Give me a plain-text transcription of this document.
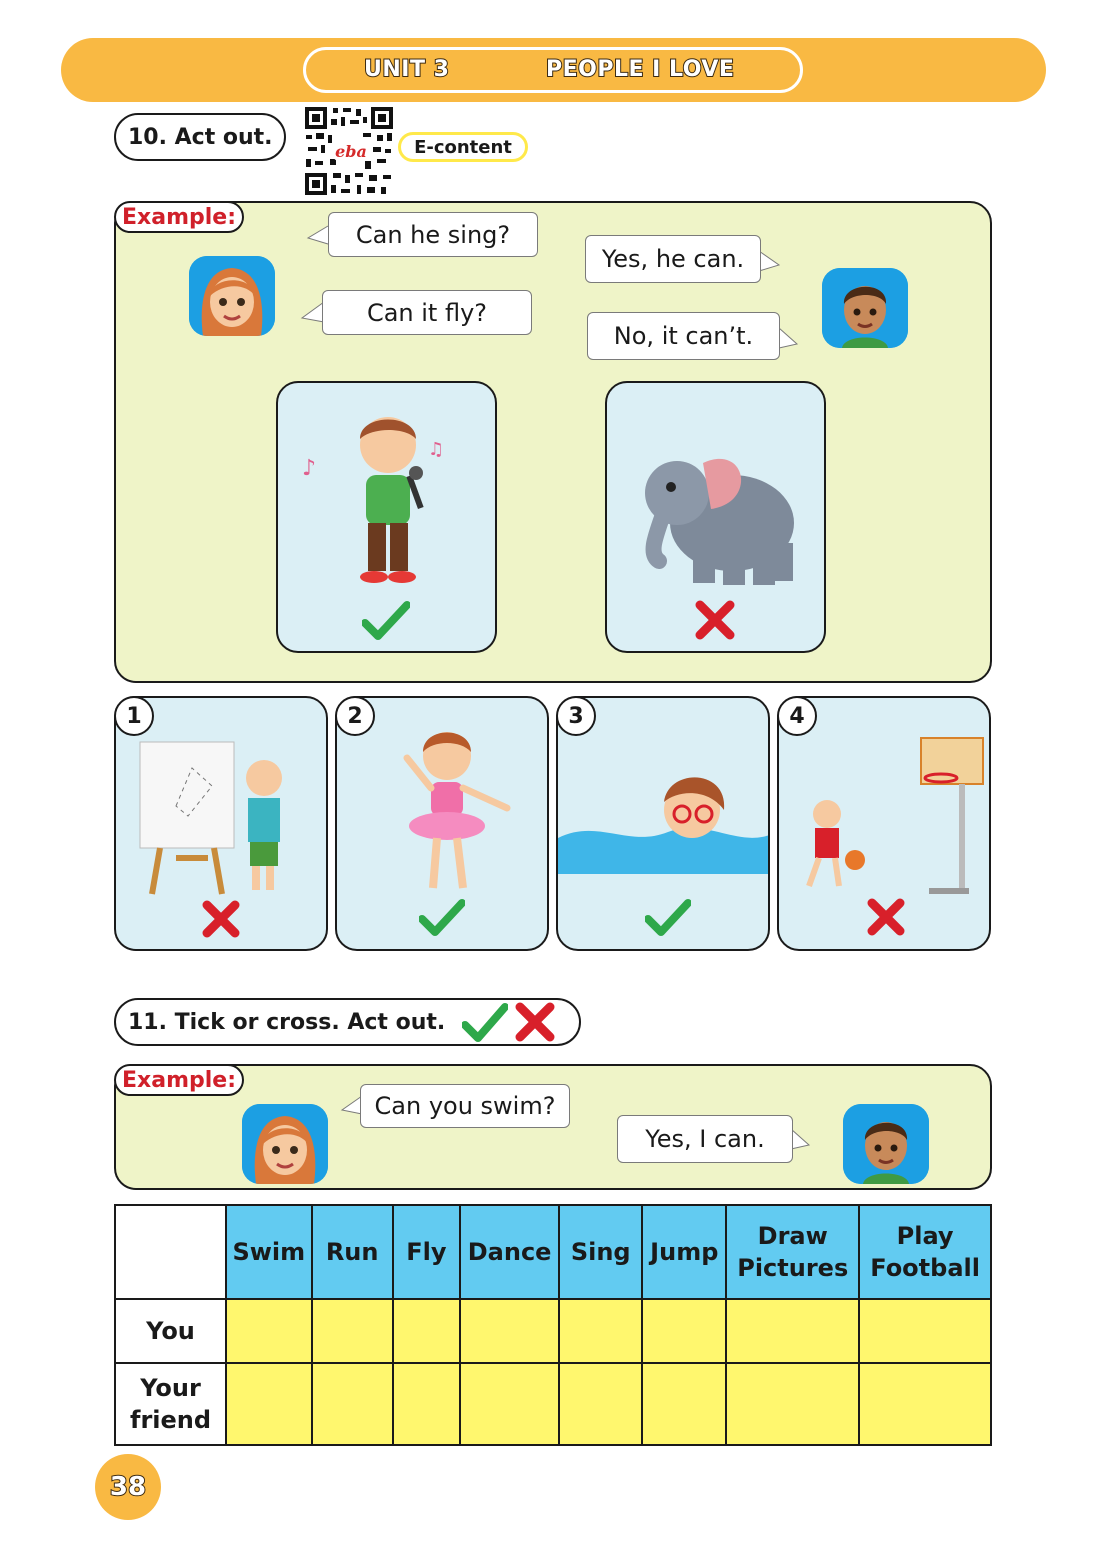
UNIT 3	PEOPLE I LOVE
10. Act out.
eba	E-content
Example:
Can he sing?
Yes, he can.
Can it fly?
No, it can’t.
♪
♫
1	2	3	4
11. Tick or cross. Act out.
Example:
Can you swim?
Yes, I can.
	Swim	Run	Fly	Dance	Sing	Jump	Draw Pictures	Play Football
You								
Your friend								
38
